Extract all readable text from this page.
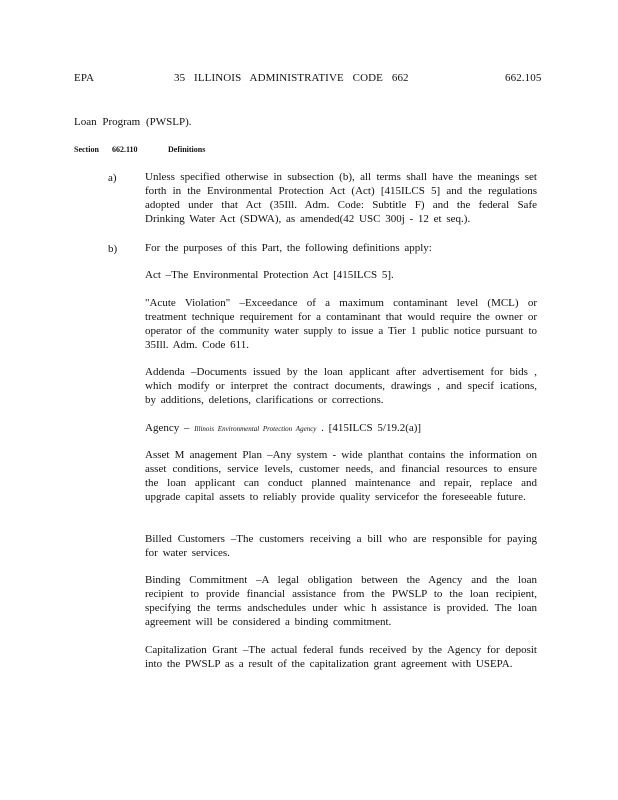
EPA	35 ILLINOIS ADMINISTRATIVE CODE 662	662.105
Loan Program (PWSLP).
Section 662.110	Definitions
a)	Unless specified otherwise in subsection (b), all terms shall have the meanings set forth in the Environmental Protection Act (Act) [415ILCS 5] and the regulations adopted under that Act (35Ill. Adm. Code: Subtitle F) and the federal Safe Drinking Water Act (SDWA), as amended(42 USC 300j - 12 et seq.).
b)	For the purposes of this Part, the following definitions apply:
Act –The Environmental Protection Act [415ILCS 5].
"Acute Violation" –Exceedance of a maximum contaminant level (MCL) or treatment technique requirement for a contaminant that would require the owner or operator of the community water supply to issue a Tier 1 public notice pursuant to 35Ill. Adm. Code 611.
Addenda –Documents issued by the loan applicant after advertisement for bids , which modify or interpret the contract documents, drawings , and specif ications, by additions, deletions, clarifications or corrections.
Agency – Illinois Environmental Protection Agency . [415ILCS 5/19.2(a)]
Asset M anagement Plan –Any system - wide planthat contains the information on asset conditions, service levels, customer needs, and financial resources to ensure the loan applicant can conduct planned maintenance and repair, replace and upgrade capital assets to reliably provide quality servicefor the foreseeable future.
Billed Customers –The customers receiving a bill who are responsible for paying for water services.
Binding Commitment –A legal obligation between the Agency and the loan recipient to provide financial assistance from the PWSLP to the loan recipient, specifying the terms andschedules under whic h assistance is provided. The loan agreement will be considered a binding commitment.
Capitalization Grant –The actual federal funds received by the Agency for deposit into the PWSLP as a result of the capitalization grant agreement with USEPA.
